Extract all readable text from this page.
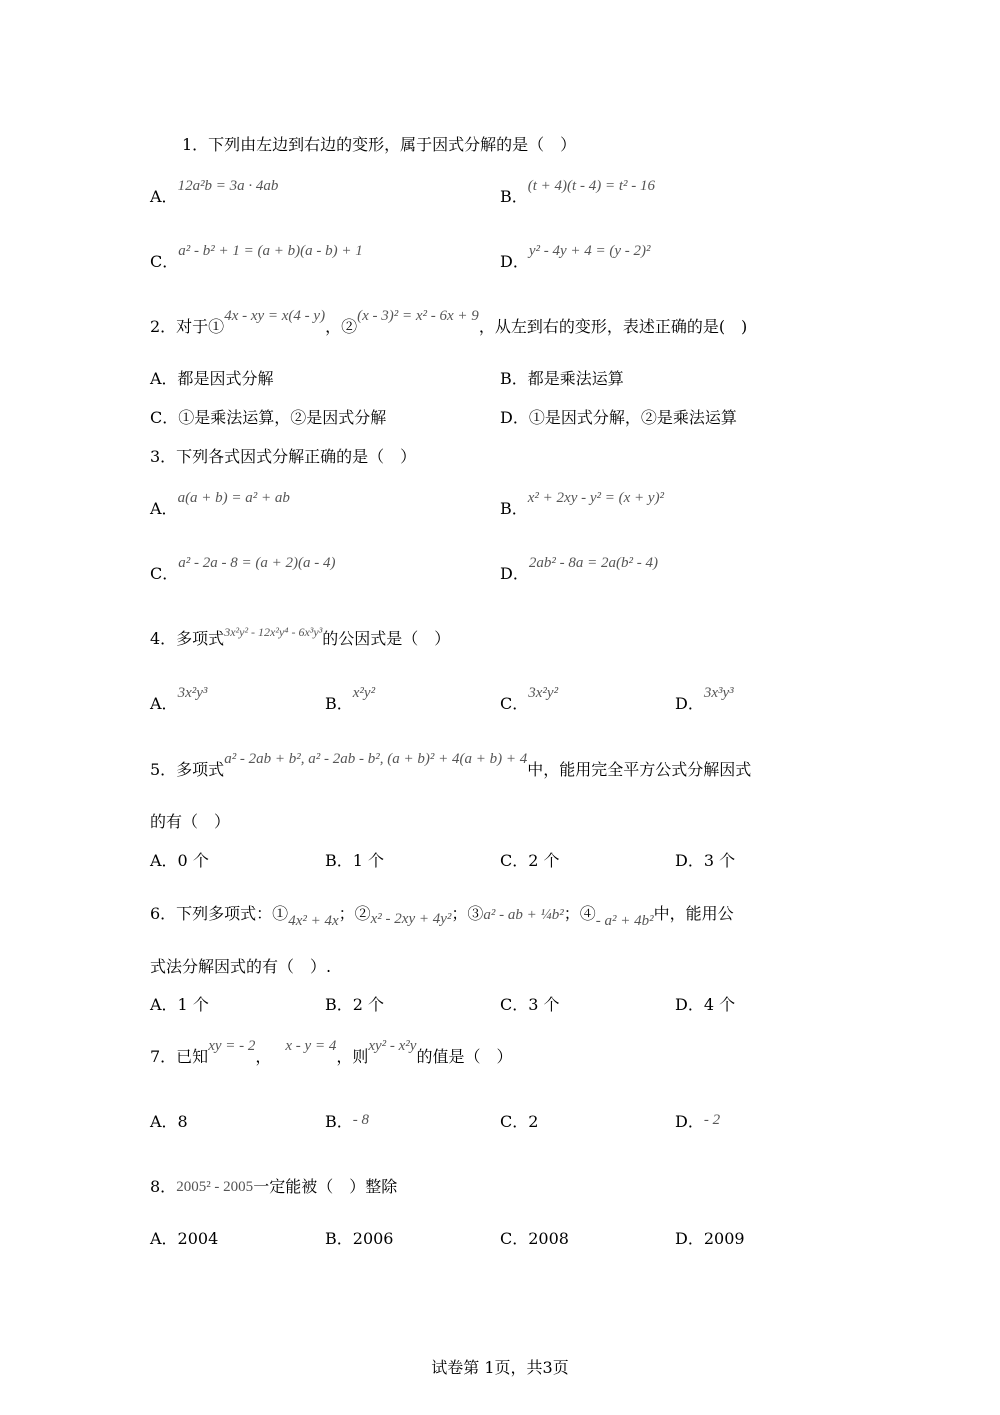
1．下列由左边到右边的变形，属于因式分解的是（　）
A．12a²b = 3a · 4ab
B．(t + 4)(t - 4) = t² - 16
C．a² - b² + 1 = (a + b)(a - b) + 1
D．y² - 4y + 4 = (y - 2)²
2．对于①4x - xy = x(4 - y)，②(x - 3)² = x² - 6x + 9，从左到右的变形，表述正确的是(　)
A．都是因式分解	B．都是乘法运算
C．①是乘法运算，②是因式分解	D．①是因式分解，②是乘法运算
3．下列各式因式分解正确的是（　）
A．a(a + b) = a² + ab
B．x² + 2xy - y² = (x + y)²
C．a² - 2a - 8 = (a + 2)(a - 4)
D．2ab² - 8a = 2a(b² - 4)
4．多项式$^{3x^2y^2 - 12x^2y^4 - 6x^3y^3}$的公因式是（　）
A．3x²y³
B．x²y²
C．3x²y²
D．3x³y³
5．多项式a² - 2ab + b², a² - 2ab - b², (a + b)² + 4(a + b) + 4中，能用完全平方公式分解因式
的有（　）
A．0 个	B．1 个	C．2 个	D．3 个
6．下列多项式：①4x² + 4x；②x² - 2xy + 4y²；③a² - ab + ¼b²；④- a² + 4b²中，能用公
式法分解因式的有（　）.
A．1 个	B．2 个	C．3 个	D．4 个
7．已知xy = - 2，x - y = 4，则xy² - x²y的值是（　）
A．8	B．- 8	C．2	D．- 2
8．2005² - 2005一定能被（　）整除
A．2004	B．2006	C．2008	D．2009
试卷第 1页，共3页
